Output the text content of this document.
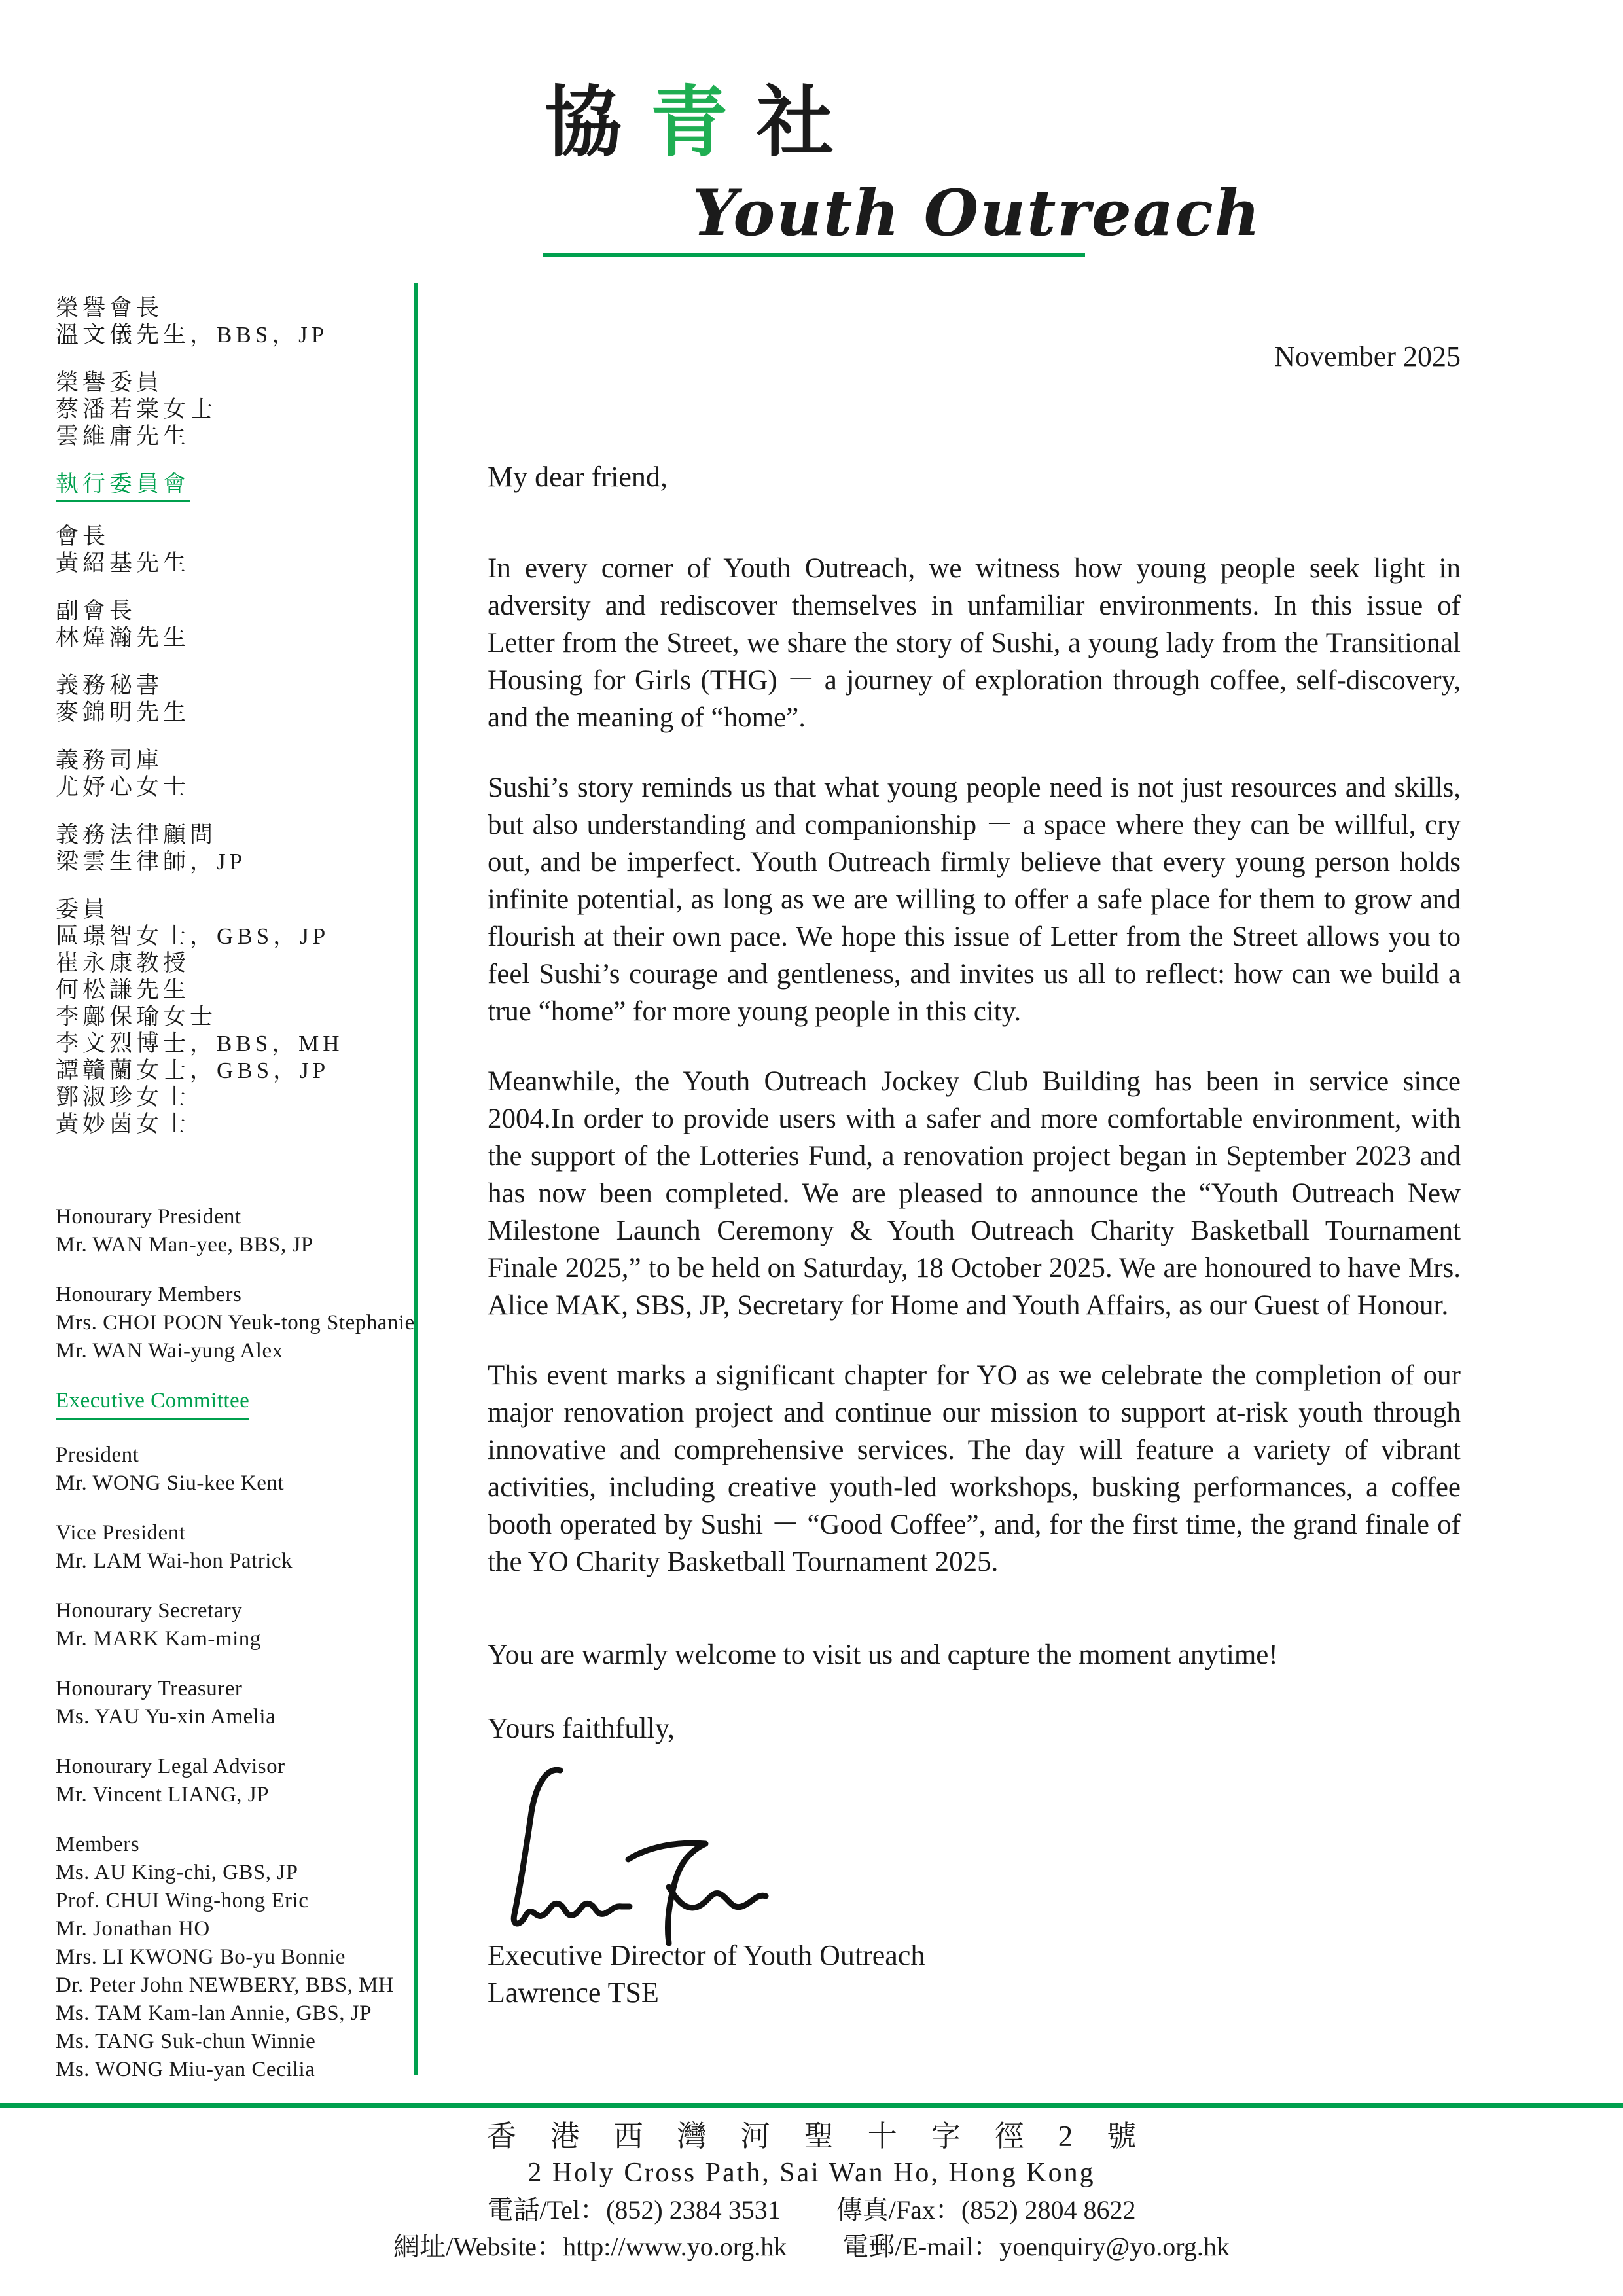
協青社
Youth Outreach
榮譽會長
溫文儀先生，BBS，JP
榮譽委員
蔡潘若棠女士
雲維庸先生
執行委員會
會長
黃紹基先生
副會長
林煒瀚先生
義務秘書
麥錦明先生
義務司庫
尤妤心女士
義務法律顧問
梁雲生律師，JP
委員
區璟智女士，GBS，JP
崔永康教授
何松謙先生
李鄺保瑜女士
李文烈博士，BBS，MH
譚贛蘭女士，GBS，JP
鄧淑珍女士
黃妙茵女士
Honourary President
Mr. WAN Man-yee, BBS, JP
Honourary Members
Mrs. CHOI POON Yeuk-tong Stephanie
Mr. WAN Wai-yung Alex
Executive Committee
President
Mr. WONG Siu-kee Kent
Vice President
Mr. LAM Wai-hon Patrick
Honourary Secretary
Mr. MARK Kam-ming
Honourary Treasurer
Ms. YAU Yu-xin Amelia
Honourary Legal Advisor
Mr. Vincent LIANG, JP
Members
Ms. AU King-chi, GBS, JP
Prof. CHUI Wing-hong Eric
Mr. Jonathan HO
Mrs. LI KWONG Bo-yu Bonnie
Dr. Peter John NEWBERY, BBS, MH
Ms. TAM Kam-lan Annie, GBS, JP
Ms. TANG Suk-chun Winnie
Ms. WONG Miu-yan Cecilia
November 2025
My dear friend,

In every corner of Youth Outreach, we witness how young people seek light in adversity and rediscover themselves in unfamiliar environments. In this issue of Letter from the Street, we share the story of Sushi, a young lady from the Transitional Housing for Girls (THG) － a journey of exploration through coffee, self-discovery, and the meaning of “home”.

Sushi’s story reminds us that what young people need is not just resources and skills, but also understanding and companionship － a space where they can be willful, cry out, and be imperfect. Youth Outreach firmly believe that every young person holds infinite potential, as long as we are willing to offer a safe place for them to grow and flourish at their own pace. We hope this issue of Letter from the Street allows you to feel Sushi’s courage and gentleness, and invites us all to reflect: how can we build a true “home” for more young people in this city.

Meanwhile, the Youth Outreach Jockey Club Building has been in service since 2004.In order to provide users with a safer and more comfortable environment, with the support of the Lotteries Fund, a renovation project began in September 2023 and has now been completed. We are pleased to announce the “Youth Outreach New Milestone Launch Ceremony & Youth Outreach Charity Basketball Tournament Finale 2025,” to be held on Saturday, 18 October 2025. We are honoured to have Mrs. Alice MAK, SBS, JP, Secretary for Home and Youth Affairs, as our Guest of Honour.

This event marks a significant chapter for YO as we celebrate the completion of our major renovation project and continue our mission to support at-risk youth through innovative and comprehensive services. The day will feature a variety of vibrant activities, including creative youth-led workshops, busking performances, a coffee booth operated by Sushi － “Good Coffee”, and, for the first time, the grand finale of the YO Charity Basketball Tournament 2025.

You are warmly welcome to visit us and capture the moment anytime!

Yours faithfully,
Executive Director of Youth Outreach
Lawrence TSE
香港西灣河聖十字徑2號
2 Holy Cross Path, Sai Wan Ho, Hong Kong
電話/Tel：(852) 2384 3531 傳真/Fax：(852) 2804 8622
網址/Website：http://www.yo.org.hk 電郵/E-mail：yoenquiry@yo.org.hk
